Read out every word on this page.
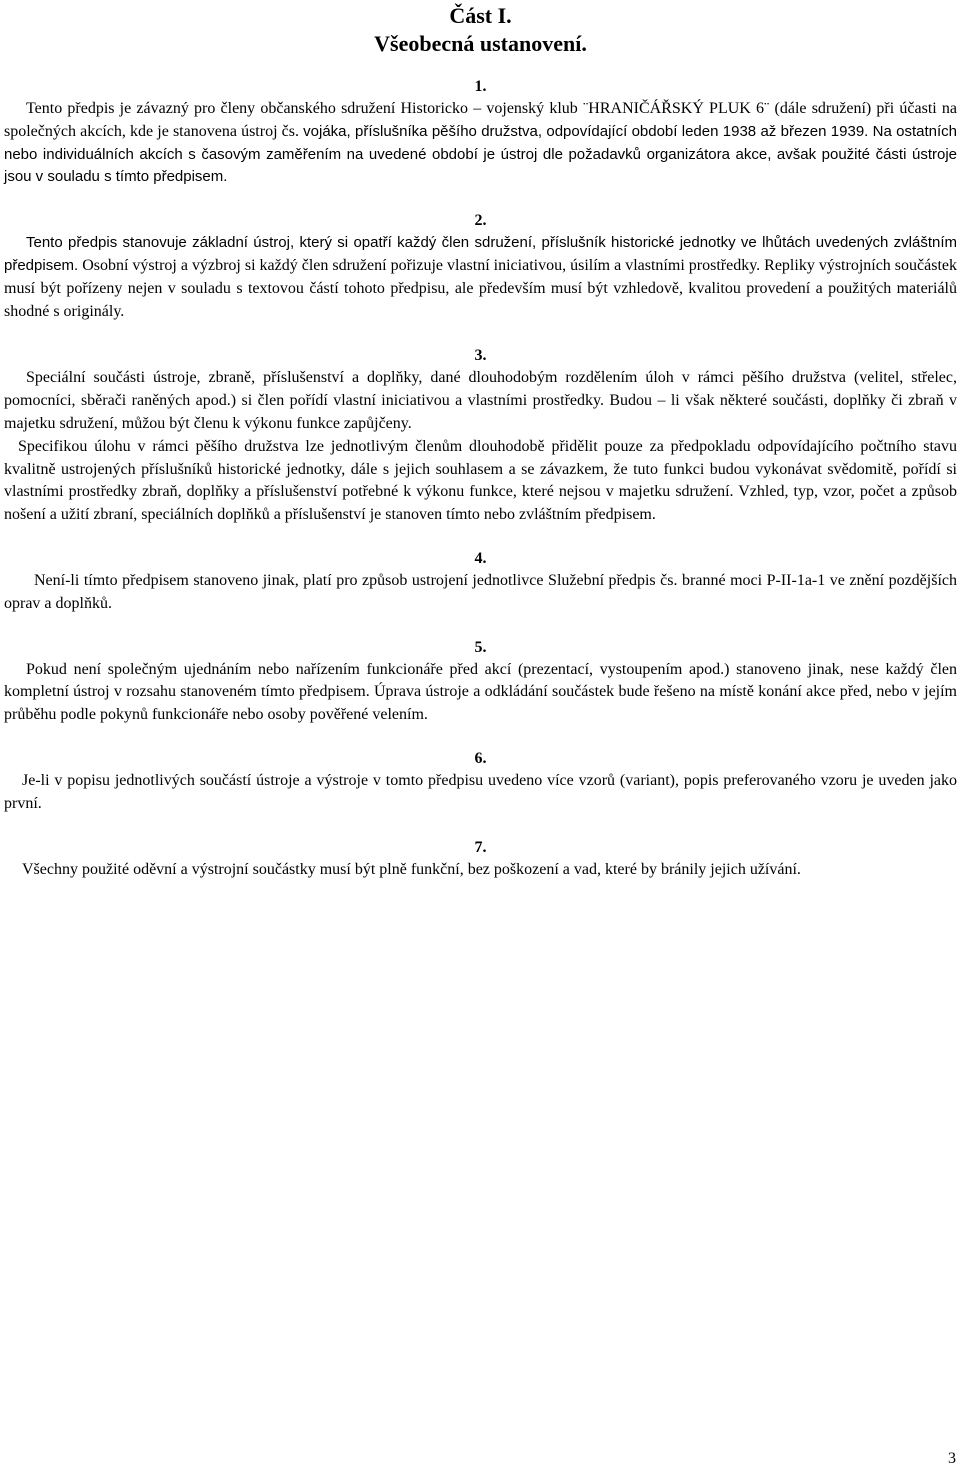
Část I.
Všeobecná ustanovení.
1.

Tento předpis je závazný pro členy občanského sdružení Historicko – vojenský klub ¨HRANIČÁŘSKÝ PLUK 6¨ (dále sdružení) při účasti na společných akcích, kde je stanovena ústroj čs. vojáka, příslušníka pěšího družstva, odpovídající období leden 1938 až březen 1939. Na ostatních nebo individuálních akcích s časovým zaměřením na uvedené období je ústroj dle požadavků organizátora akce, avšak použité části ústroje jsou v souladu s tímto předpisem.

2.

Tento předpis stanovuje základní ústroj, který si opatří každý člen sdružení, příslušník historické jednotky ve lhůtách uvedených zvláštním předpisem. Osobní výstroj a výzbroj si každý člen sdružení pořizuje vlastní iniciativou, úsilím a vlastními prostředky. Repliky výstrojních součástek musí být pořízeny nejen v souladu s textovou částí tohoto předpisu, ale především musí být vzhledově, kvalitou provedení a použitých materiálů shodné s originály.

3.

Speciální součásti ústroje, zbraně, příslušenství a doplňky, dané dlouhodobým rozdělením úloh v rámci pěšího družstva (velitel, střelec, pomocníci, sběrači raněných apod.) si člen pořídí vlastní iniciativou a vlastními prostředky. Budou – li však některé součásti, doplňky či zbraň v majetku sdružení, můžou být členu k výkonu funkce zapůjčeny.

Specifikou úlohu v rámci pěšího družstva lze jednotlivým členům dlouhodobě přidělit pouze za předpokladu odpovídajícího počtního stavu kvalitně ustrojených příslušníků historické jednotky, dále s jejich souhlasem a se závazkem, že tuto funkci budou vykonávat svědomitě, pořídí si vlastními prostředky zbraň, doplňky a příslušenství potřebné k výkonu funkce, které nejsou v majetku sdružení. Vzhled, typ, vzor, počet a způsob nošení a užití zbraní, speciálních doplňků a příslušenství je stanoven tímto nebo zvláštním předpisem.

4.

Není-li tímto předpisem stanoveno jinak, platí pro způsob ustrojení jednotlivce Služební předpis čs. branné moci P-II-1a-1 ve znění pozdějších oprav a doplňků.

5.

Pokud není společným ujednáním nebo nařízením funkcionáře před akcí (prezentací, vystoupením apod.) stanoveno jinak, nese každý člen kompletní ústroj v rozsahu stanoveném tímto předpisem. Úprava ústroje a odkládání součástek bude řešeno na místě konání akce před, nebo v jejím průběhu podle pokynů funkcionáře nebo osoby pověřené velením.

6.

Je-li v popisu jednotlivých součástí ústroje a výstroje v tomto předpisu uvedeno více vzorů (variant), popis preferovaného vzoru je uveden jako první.

7.

Všechny použité oděvní a výstrojní součástky musí být plně funkční, bez poškození a vad, které by bránily jejich užívání.

3
